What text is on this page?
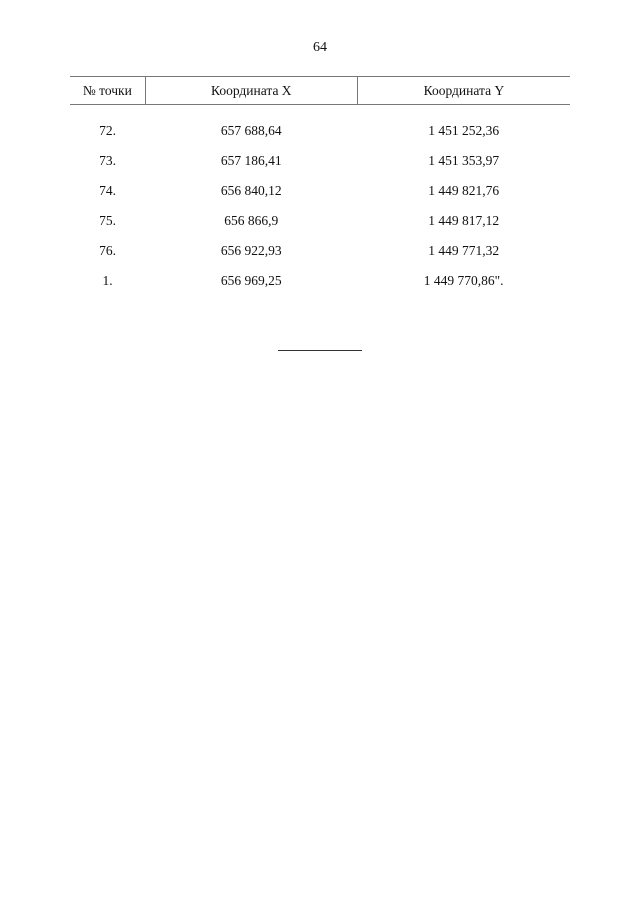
64
№ точки	Координата X	Координата Y

72.	657 688,64	1 451 252,36
73.	657 186,41	1 451 353,97
74.	656 840,12	1 449 821,76
75.	656 866,9	1 449 817,12
76.	656 922,93	1 449 771,32
1.	656 969,25	1 449 770,86".
